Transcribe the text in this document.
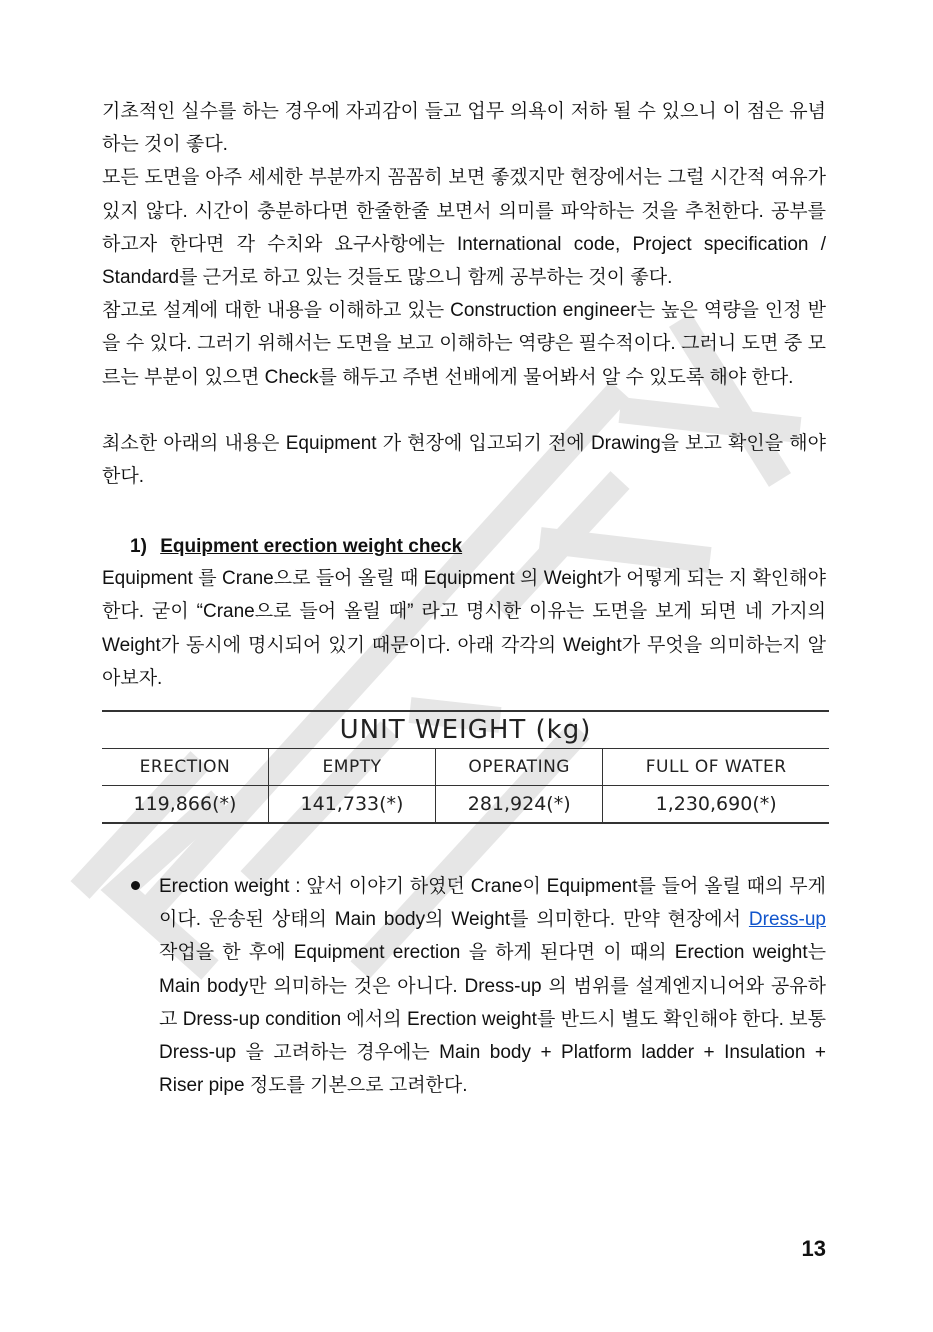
기초적인 실수를 하는 경우에 자괴감이 들고 업무 의욕이 저하 될 수 있으니 이 점은 유념하는 것이 좋다.

모든 도면을 아주 세세한 부분까지 꼼꼼히 보면 좋겠지만 현장에서는 그럴 시간적 여유가 있지 않다. 시간이 충분하다면 한줄한줄 보면서 의미를 파악하는 것을 추천한다. 공부를 하고자 한다면 각 수치와 요구사항에는 International code, Project specification / Standard를 근거로 하고 있는 것들도 많으니 함께 공부하는 것이 좋다.

참고로 설계에 대한 내용을 이해하고 있는 Construction engineer는 높은 역량을 인정 받을 수 있다. 그러기 위해서는 도면을 보고 이해하는 역량은 필수적이다. 그러니 도면 중 모르는 부분이 있으면 Check를 해두고 주변 선배에게 물어봐서 알 수 있도록 해야 한다.

최소한 아래의 내용은 Equipment 가 현장에 입고되기 전에 Drawing을 보고 확인을 해야 한다.

1) Equipment erection weight check

Equipment 를 Crane으로 들어 올릴 때 Equipment 의 Weight가 어떻게 되는 지 확인해야 한다. 굳이 “Crane으로 들어 올릴 때” 라고 명시한 이유는 도면을 보게 되면 네 가지의 Weight가 동시에 명시되어 있기 때문이다. 아래 각각의 Weight가 무엇을 의미하는지 알아보자.

UNIT WEIGHT (kg)			
ERECTION	EMPTY	OPERATING	FULL OF WATER
119,866(*)	141,733(*)	281,924(*)	1,230,690(*)

Erection weight : 앞서 이야기 하였던 Crane이 Equipment를 들어 올릴 때의 무게이다. 운송된 상태의 Main body의 Weight를 의미한다. 만약 현장에서 Dress-up 작업을 한 후에 Equipment erection 을 하게 된다면 이 때의 Erection weight는 Main body만 의미하는 것은 아니다. Dress-up 의 범위를 설계엔지니어와 공유하고 Dress-up condition 에서의 Erection weight를 반드시 별도 확인해야 한다. 보통 Dress-up 을 고려하는 경우에는 Main body + Platform ladder + Insulation + Riser pipe 정도를 기본으로 고려한다.

13
